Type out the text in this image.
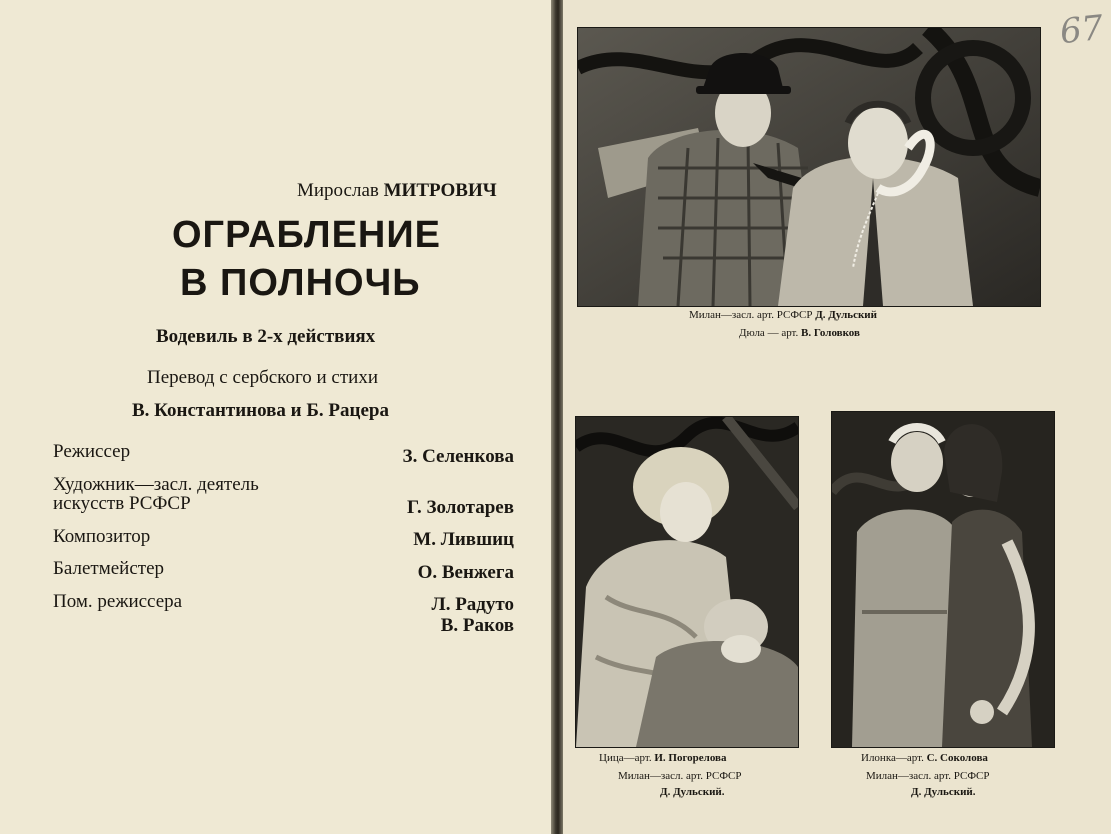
Мирослав МИТРОВИЧ
ОГРАБЛЕНИЕ
В ПОЛНОЧЬ
Водевиль в 2-х действиях
Перевод с сербского и стихи
В. Константинова и Б. Рацера
Режиссер	З. Селенкова
Художник—засл. деятель
искусств РСФСР	Г. Золотарев
Композитор	М. Лившиц
Балетмейстер	О. Венжега
Пом. режиссера	Л. Радуто
В. Раков
67
Милан—засл. арт. РСФСР Д. Дульский
Дюла — арт. В. Головков
Цица—арт. И. Погорелова
Милан—засл. арт. РСФСР
Д. Дульский.
Илонка—арт. С. Соколова
Милан—засл. арт. РСФСР
Д. Дульский.
